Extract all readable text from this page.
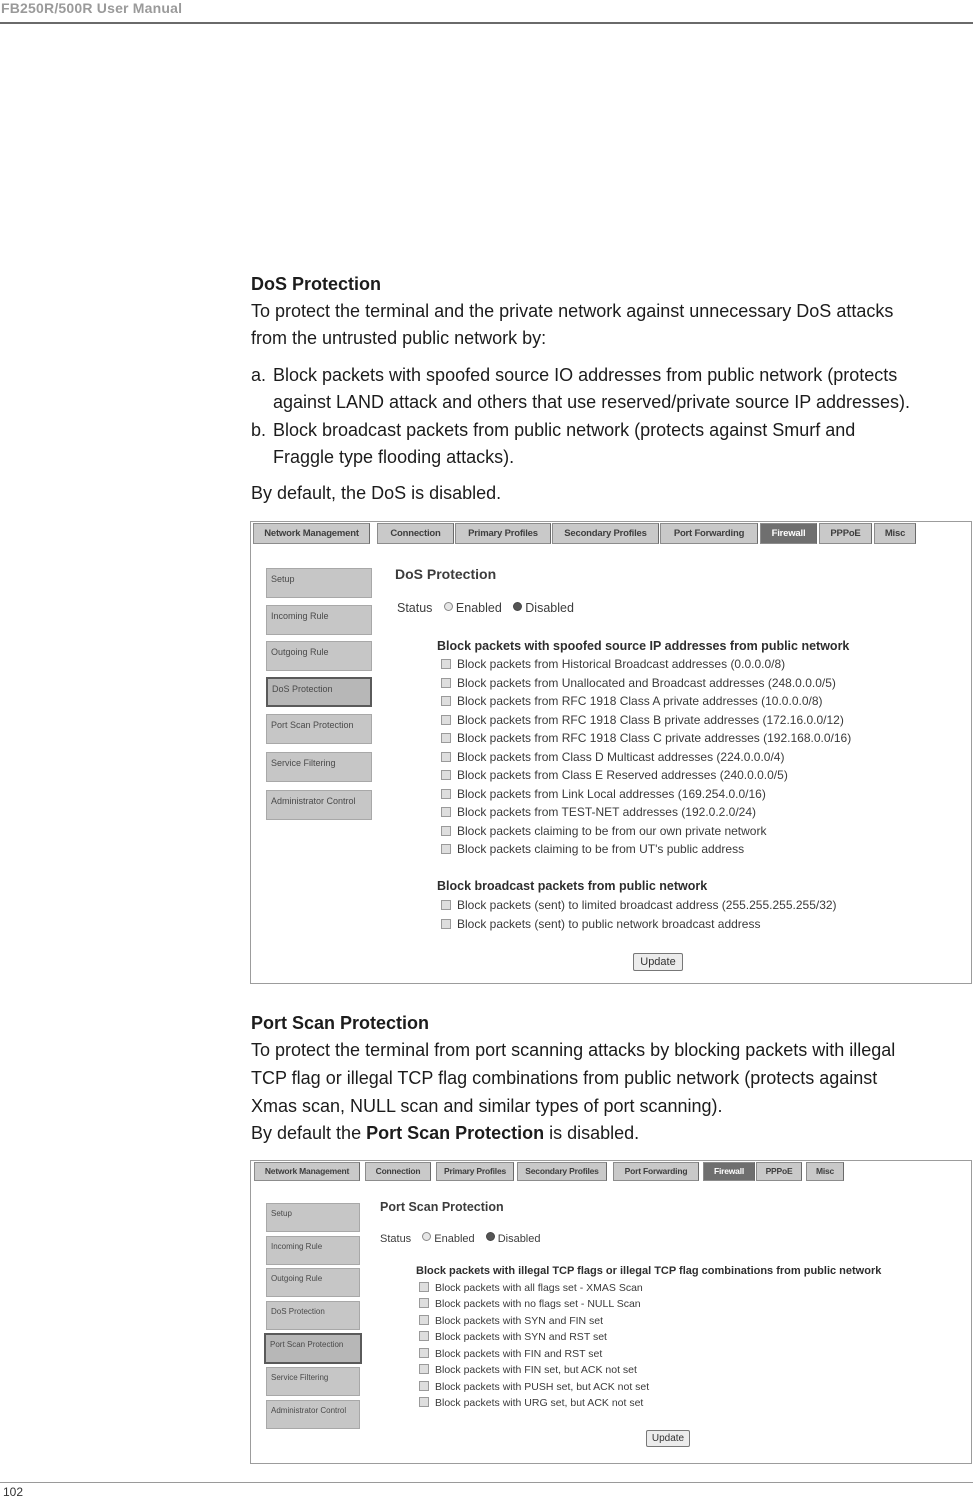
FB250R/500R User Manual
DoS Protection
To protect the terminal and the private network against unnecessary DoS attacks
from the untrusted public network by:
a. Block packets with spoofed source IO addresses from public network (protects
against LAND attack and others that use reserved/private source IP addresses).
b. Block broadcast packets from public network (protects against Smurf and
Fraggle type flooding attacks).
By default, the DoS is disabled.
Network Management	Connection	Primary Profiles	Secondary Profiles	Port Forwarding	Firewall	PPPoE	Misc
Setup
Incoming Rule
Outgoing Rule
DoS Protection
Port Scan Protection
Service Filtering
Administrator Control
DoS Protection
Status Enabled Disabled
Block packets with spoofed source IP addresses from public network
Block packets from Historical Broadcast addresses (0.0.0.0/8)
Block packets from Unallocated and Broadcast addresses (248.0.0.0/5)
Block packets from RFC 1918 Class A private addresses (10.0.0.0/8)
Block packets from RFC 1918 Class B private addresses (172.16.0.0/12)
Block packets from RFC 1918 Class C private addresses (192.168.0.0/16)
Block packets from Class D Multicast addresses (224.0.0.0/4)
Block packets from Class E Reserved addresses (240.0.0.0/5)
Block packets from Link Local addresses (169.254.0.0/16)
Block packets from TEST-NET addresses (192.0.2.0/24)
Block packets claiming to be from our own private network
Block packets claiming to be from UT's public address
Block broadcast packets from public network
Block packets (sent) to limited broadcast address (255.255.255.255/32)
Block packets (sent) to public network broadcast address
Update
Port Scan Protection
To protect the terminal from port scanning attacks by blocking packets with illegal
TCP flag or illegal TCP flag combinations from public network (protects against
Xmas scan, NULL scan and similar types of port scanning).
By default the Port Scan Protection is disabled.
Network Management	Connection	Primary Profiles	Secondary Profiles	Port Forwarding	Firewall	PPPoE	Misc
Setup
Incoming Rule
Outgoing Rule
DoS Protection
Port Scan Protection
Service Filtering
Administrator Control
Port Scan Protection
Status Enabled Disabled
Block packets with illegal TCP flags or illegal TCP flag combinations from public network
Block packets with all flags set - XMAS Scan
Block packets with no flags set - NULL Scan
Block packets with SYN and FIN set
Block packets with SYN and RST set
Block packets with FIN and RST set
Block packets with FIN set, but ACK not set
Block packets with PUSH set, but ACK not set
Block packets with URG set, but ACK not set
Update
102
